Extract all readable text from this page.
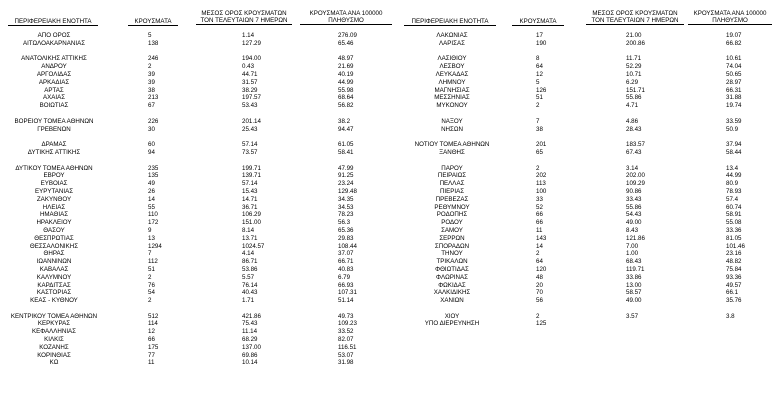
ΠΕΡΙΦΕΡΕΙΑΚΗ ΕΝΟΤΗΤΑ	ΚΡΟΥΣΜΑΤΑ
ΜΕΣΟΣ ΟΡΟΣ ΚΡΟΥΣΜΑΤΩΝ
ΤΟΝ ΤΕΛΕΥΤΑΙΩΝ 7 ΗΜΕΡΩΝ
ΚΡΟΥΣΜΑΤΑ ΑΝΑ 100000
ΠΛΗΘΥΣΜΟ	ΠΕΡΙΦΕΡΕΙΑΚΗ ΕΝΟΤΗΤΑ	ΚΡΟΥΣΜΑΤΑ
ΜΕΣΟΣ ΟΡΟΣ ΚΡΟΥΣΜΑΤΩΝ
ΤΟΝ ΤΕΛΕΥΤΑΙΩΝ 7 ΗΜΕΡΩΝ
ΚΡΟΥΣΜΑΤΑ ΑΝΑ 100000
ΠΛΗΘΥΣΜΟ
ΑΠΟ ΟΡΟΣ	5	1.14	276.09
ΑΙΤΩΛΟΑΚΑΡΝΑΝΙΑΣ	138	127.29	65.46
ΑΝΑΤΟΛΙΚΗΣ ΑΤΤΙΚΗΣ	246	194.00	48.97
ΑΝΔΡΟΥ	2	0.43	21.69
ΑΡΓΟΛΙΔΑΣ	39	44.71	40.19
ΑΡΚΑΔΙΑΣ	39	31.57	44.99
ΑΡΤΑΣ	38	38.29	55.98
ΑΧΑΙΑΣ	213	197.57	68.64
ΒΟΙΩΤΙΑΣ	67	53.43	56.82
ΒΟΡΕΙΟΥ ΤΟΜΕΑ ΑΘΗΝΩΝ	226	201.14	38.2
ΓΡΕΒΕΝΩΝ	30	25.43	94.47
ΔΡΑΜΑΣ	60	57.14	61.05
ΔΥΤΙΚΗΣ ΑΤΤΙΚΗΣ	94	73.57	58.41
ΔΥΤΙΚΟΥ ΤΟΜΕΑ ΑΘΗΝΩΝ	235	199.71	47.99
ΕΒΡΟΥ	135	139.71	91.25
ΕΥΒΟΙΑΣ	49	57.14	23.24
ΕΥΡΥΤΑΝΙΑΣ	26	15.43	129.48
ΖΑΚΥΝΘΟΥ	14	14.71	34.35
ΗΛΕΙΑΣ	55	36.71	34.53
ΗΜΑΘΙΑΣ	110	106.29	78.23
ΗΡΑΚΛΕΙΟΥ	172	151.00	56.3
ΘΑΣΟΥ	9	8.14	65.36
ΘΕΣΠΡΩΤΙΑΣ	13	13.71	29.83
ΘΕΣΣΑΛΟΝΙΚΗΣ	1294	1024.57	108.44
ΘΗΡΑΣ	7	4.14	37.07
ΙΩΑΝΝΙΝΩΝ	112	86.71	66.71
ΚΑΒΑΛΑΣ	51	53.86	40.83
ΚΑΛΥΜΝΟΥ	2	5.57	6.79
ΚΑΡΔΙΤΣΑΣ	76	76.14	66.93
ΚΑΣΤΟΡΙΑΣ	54	40.43	107.31
ΚΕΑΣ - ΚΥΘΝΟΥ	2	1.71	51.14
ΚΕΝΤΡΙΚΟΥ ΤΟΜΕΑ ΑΘΗΝΩΝ	512	421.86	49.73
ΚΕΡΚΥΡΑΣ	114	75.43	109.23
ΚΕΦΑΛΛΗΝΙΑΣ	12	11.14	33.52
ΚΙΛΚΙΣ	66	68.29	82.07
ΚΟΖΑΝΗΣ	175	137.00	116.51
ΚΟΡΙΝΘΙΑΣ	77	69.86	53.07
ΚΩ	11	10.14	31.98
ΛΑΚΩΝΙΑΣ	17	21.00	19.07
ΛΑΡΙΣΑΣ	190	200.86	66.82
ΛΑΣΙΘΙΟΥ	8	11.71	10.61
ΛΕΣΒΟΥ	64	52.29	74.04
ΛΕΥΚΑΔΑΣ	12	10.71	50.65
ΛΗΜΝΟΥ	5	6.29	28.97
ΜΑΓΝΗΣΙΑΣ	126	151.71	66.31
ΜΕΣΣΗΝΙΑΣ	51	55.86	31.88
ΜΥΚΟΝΟΥ	2	4.71	19.74
ΝΑΞΟΥ	7	4.86	33.59
ΝΗΣΩΝ	38	28.43	50.9
ΝΟΤΙΟΥ ΤΟΜΕΑ ΑΘΗΝΩΝ	201	183.57	37.94
ΞΑΝΘΗΣ	65	67.43	58.44
ΠΑΡΟΥ	2	3.14	13.4
ΠΕΙΡΑΙΩΣ	202	202.00	44.99
ΠΕΛΛΑΣ	113	109.29	80.9
ΠΙΕΡΙΑΣ	100	90.86	78.93
ΠΡΕΒΕΖΑΣ	33	33.43	57.4
ΡΕΘΥΜΝΟΥ	52	55.86	60.74
ΡΟΔΟΠΗΣ	66	54.43	58.91
ΡΟΔΟΥ	66	49.00	55.08
ΣΑΜΟΥ	11	8.43	33.36
ΣΕΡΡΩΝ	143	121.86	81.05
ΣΠΟΡΑΔΩΝ	14	7.00	101.46
ΤΗΝΟΥ	2	1.00	23.16
ΤΡΙΚΑΛΩΝ	64	68.43	48.82
ΦΘΙΩΤΙΔΑΣ	120	119.71	75.84
ΦΛΩΡΙΝΑΣ	48	33.86	93.36
ΦΩΚΙΔΑΣ	20	13.00	49.57
ΧΑΛΚΙΔΙΚΗΣ	70	58.57	66.1
ΧΑΝΙΩΝ	56	49.00	35.76
ΧΙΟΥ	2	3.57	3.8
ΥΠΟ ΔΙΕΡΕΥΝΗΣΗ	125
